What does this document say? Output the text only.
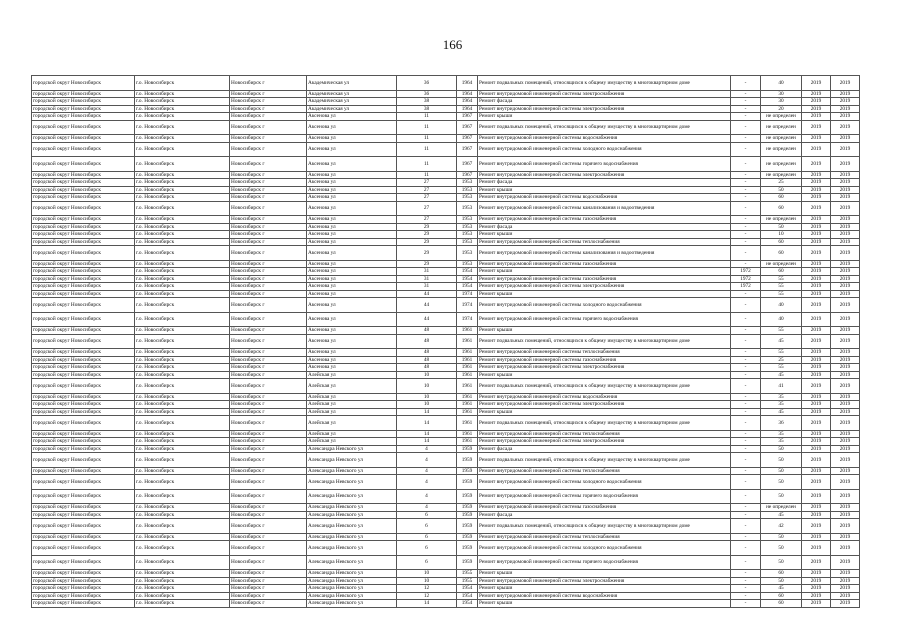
166
городской округ Новосибирск	г.о. Новосибирск	Новосибирск г	Академическая ул	36	1964	Ремонт подвальных помещений, относящихся к общему имуществу в многоквартирном доме	-	40	2019	2019
городской округ Новосибирск	г.о. Новосибирск	Новосибирск г	Академическая ул	36	1964	Ремонт внутридомовой инженерной системы электроснабжения	-	30	2019	2019
городской округ Новосибирск	г.о. Новосибирск	Новосибирск г	Академическая ул	38	1964	Ремонт фасада	-	30	2019	2019
городской округ Новосибирск	г.о. Новосибирск	Новосибирск г	Академическая ул	38	1964	Ремонт внутридомовой инженерной системы электроснабжения	-	20	2019	2019
городской округ Новосибирск	г.о. Новосибирск	Новосибирск г	Аксенова ул	11	1967	Ремонт крыши	-	не определен	2019	2019
городской округ Новосибирск	г.о. Новосибирск	Новосибирск г	Аксенова ул	11	1967	Ремонт подвальных помещений, относящихся к общему имуществу в многоквартирном доме	-	не определен	2019	2019
городской округ Новосибирск	г.о. Новосибирск	Новосибирск г	Аксенова ул	11	1967	Ремонт внутридомовой инженерной системы водоснабжения	-	не определен	2019	2019
городской округ Новосибирск	г.о. Новосибирск	Новосибирск г	Аксенова ул	11	1967	Ремонт внутридомовой инженерной системы холодного водоснабжения	-	не определен	2019	2019
городской округ Новосибирск	г.о. Новосибирск	Новосибирск г	Аксенова ул	11	1967	Ремонт внутридомовой инженерной системы горячего водоснабжения	-	не определен	2019	2019
городской округ Новосибирск	г.о. Новосибирск	Новосибирск г	Аксенова ул	11	1967	Ремонт внутридомовой инженерной системы электроснабжения	-	не определен	2019	2019
городской округ Новосибирск	г.о. Новосибирск	Новосибирск г	Аксенова ул	27	1953	Ремонт фасада	-	25	2019	2019
городской округ Новосибирск	г.о. Новосибирск	Новосибирск г	Аксенова ул	27	1953	Ремонт крыши	-	50	2019	2019
городской округ Новосибирск	г.о. Новосибирск	Новосибирск г	Аксенова ул	27	1953	Ремонт внутридомовой инженерной системы водоснабжения	-	60	2019	2019
городской округ Новосибирск	г.о. Новосибирск	Новосибирск г	Аксенова ул	27	1953	Ремонт внутридомовой инженерной системы канализования и водоотведения	-	60	2019	2019
городской округ Новосибирск	г.о. Новосибирск	Новосибирск г	Аксенова ул	27	1953	Ремонт внутридомовой инженерной системы газоснабжения	-	не определен	2019	2019
городской округ Новосибирск	г.о. Новосибирск	Новосибирск г	Аксенова ул	29	1953	Ремонт фасада	-	50	2019	2019
городской округ Новосибирск	г.о. Новосибирск	Новосибирск г	Аксенова ул	29	1953	Ремонт крыши	-	10	2019	2019
городской округ Новосибирск	г.о. Новосибирск	Новосибирск г	Аксенова ул	29	1953	Ремонт внутридомовой инженерной системы теплоснабжения	-	60	2019	2019
городской округ Новосибирск	г.о. Новосибирск	Новосибирск г	Аксенова ул	29	1953	Ремонт внутридомовой инженерной системы канализования и водоотведения	-	60	2019	2019
городской округ Новосибирск	г.о. Новосибирск	Новосибирск г	Аксенова ул	29	1953	Ремонт внутридомовой инженерной системы газоснабжения	-	не определен	2019	2019
городской округ Новосибирск	г.о. Новосибирск	Новосибирск г	Аксенова ул	31	1954	Ремонт крыши	1972	60	2019	2019
городской округ Новосибирск	г.о. Новосибирск	Новосибирск г	Аксенова ул	31	1954	Ремонт внутридомовой инженерной системы газоснабжения	1972	55	2019	2019
городской округ Новосибирск	г.о. Новосибирск	Новосибирск г	Аксенова ул	31	1954	Ремонт внутридомовой инженерной системы электроснабжения	1972	55	2019	2019
городской округ Новосибирск	г.о. Новосибирск	Новосибирск г	Аксенова ул	44	1974	Ремонт крыши	-	55	2019	2019
городской округ Новосибирск	г.о. Новосибирск	Новосибирск г	Аксенова ул	44	1974	Ремонт внутридомовой инженерной системы холодного водоснабжения	-	40	2019	2019
городской округ Новосибирск	г.о. Новосибирск	Новосибирск г	Аксенова ул	44	1974	Ремонт внутридомовой инженерной системы горячего водоснабжения	-	40	2019	2019
городской округ Новосибирск	г.о. Новосибирск	Новосибирск г	Аксенова ул	48	1961	Ремонт крыши	-	55	2019	2019
городской округ Новосибирск	г.о. Новосибирск	Новосибирск г	Аксенова ул	48	1961	Ремонт подвальных помещений, относящихся к общему имуществу в многоквартирном доме	-	45	2019	2019
городской округ Новосибирск	г.о. Новосибирск	Новосибирск г	Аксенова ул	48	1961	Ремонт внутридомовой инженерной системы теплоснабжения	-	55	2019	2019
городской округ Новосибирск	г.о. Новосибирск	Новосибирск г	Аксенова ул	48	1961	Ремонт внутридомовой инженерной системы газоснабжения	-	25	2019	2019
городской округ Новосибирск	г.о. Новосибирск	Новосибирск г	Аксенова ул	48	1961	Ремонт внутридомовой инженерной системы электроснабжения	-	55	2019	2019
городской округ Новосибирск	г.о. Новосибирск	Новосибирск г	Алейская ул	10	1961	Ремонт крыши	-	45	2019	2019
городской округ Новосибирск	г.о. Новосибирск	Новосибирск г	Алейская ул	10	1961	Ремонт подвальных помещений, относящихся к общему имуществу в многоквартирном доме	-	41	2019	2019
городской округ Новосибирск	г.о. Новосибирск	Новосибирск г	Алейская ул	10	1961	Ремонт внутридомовой инженерной системы водоснабжения	-	35	2019	2019
городской округ Новосибирск	г.о. Новосибирск	Новосибирск г	Алейская ул	10	1961	Ремонт внутридомовой инженерной системы электроснабжения	-	35	2019	2019
городской округ Новосибирск	г.о. Новосибирск	Новосибирск г	Алейская ул	14	1961	Ремонт крыши	-	45	2019	2019
городской округ Новосибирск	г.о. Новосибирск	Новосибирск г	Алейская ул	14	1961	Ремонт подвальных помещений, относящихся к общему имуществу в многоквартирном доме	-	36	2019	2019
городской округ Новосибирск	г.о. Новосибирск	Новосибирск г	Алейская ул	14	1961	Ремонт внутридомовой инженерной системы теплоснабжения	-	35	2019	2019
городской округ Новосибирск	г.о. Новосибирск	Новосибирск г	Алейская ул	14	1961	Ремонт внутридомовой инженерной системы электроснабжения	-	35	2019	2019
городской округ Новосибирск	г.о. Новосибирск	Новосибирск г	Александра Невского ул	4	1959	Ремонт фасада	-	50	2019	2019
городской округ Новосибирск	г.о. Новосибирск	Новосибирск г	Александра Невского ул	4	1959	Ремонт подвальных помещений, относящихся к общему имуществу в многоквартирном доме	-	50	2019	2019
городской округ Новосибирск	г.о. Новосибирск	Новосибирск г	Александра Невского ул	4	1959	Ремонт внутридомовой инженерной системы теплоснабжения	-	50	2019	2019
городской округ Новосибирск	г.о. Новосибирск	Новосибирск г	Александра Невского ул	4	1959	Ремонт внутридомовой инженерной системы холодного водоснабжения	-	50	2019	2019
городской округ Новосибирск	г.о. Новосибирск	Новосибирск г	Александра Невского ул	4	1959	Ремонт внутридомовой инженерной системы горячего водоснабжения	-	50	2019	2019
городской округ Новосибирск	г.о. Новосибирск	Новосибирск г	Александра Невского ул	4	1959	Ремонт внутридомовой инженерной системы газоснабжения	-	не определен	2019	2019
городской округ Новосибирск	г.о. Новосибирск	Новосибирск г	Александра Невского ул	6	1959	Ремонт фасада	-	45	2019	2019
городской округ Новосибирск	г.о. Новосибирск	Новосибирск г	Александра Невского ул	6	1959	Ремонт подвальных помещений, относящихся к общему имуществу в многоквартирном доме	-	42	2019	2019
городской округ Новосибирск	г.о. Новосибирск	Новосибирск г	Александра Невского ул	6	1959	Ремонт внутридомовой инженерной системы теплоснабжения	-	50	2019	2019
городской округ Новосибирск	г.о. Новосибирск	Новосибирск г	Александра Невского ул	6	1959	Ремонт внутридомовой инженерной системы холодного водоснабжения	-	50	2019	2019
городской округ Новосибирск	г.о. Новосибирск	Новосибирск г	Александра Невского ул	6	1959	Ремонт внутридомовой инженерной системы горячего водоснабжения	-	50	2019	2019
городской округ Новосибирск	г.о. Новосибирск	Новосибирск г	Александра Невского ул	10	1955	Ремонт крыши	-	60	2019	2019
городской округ Новосибирск	г.о. Новосибирск	Новосибирск г	Александра Невского ул	10	1955	Ремонт внутридомовой инженерной системы электроснабжения	-	50	2019	2019
городской округ Новосибирск	г.о. Новосибирск	Новосибирск г	Александра Невского ул	12	1954	Ремонт крыши	-	45	2019	2019
городской округ Новосибирск	г.о. Новосибирск	Новосибирск г	Александра Невского ул	12	1954	Ремонт внутридомовой инженерной системы водоснабжения	-	60	2019	2019
городской округ Новосибирск	г.о. Новосибирск	Новосибирск г	Александра Невского ул	14	1954	Ремонт крыши	-	60	2019	2019
